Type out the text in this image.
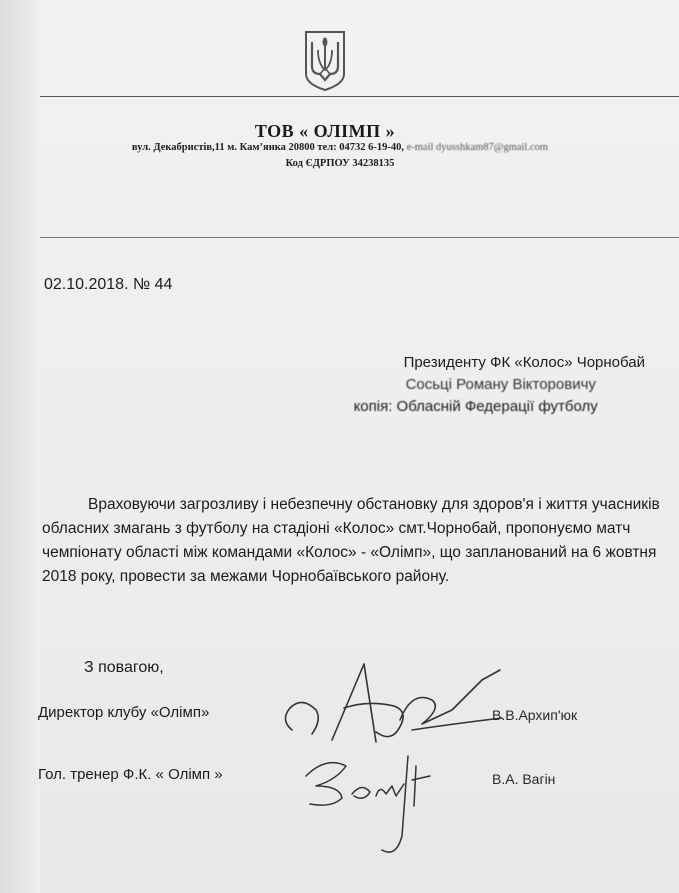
ТОВ « ОЛІМП »
вул. Декабристів,11 м. Кам’янка 20800 тел: 04732 6-19-40, e-mail dyusshkam87@gmail.com
Код ЄДРПОУ 34238135
02.10.2018. № 44
Президенту ФК «Колос» Чорнобай
Сосьці Роману Вікторовичу
копія: Обласній Федерації футболу

Враховуючи загрозливу і небезпечну обстановку для здоров'я і життя учасників обласних змагань з футболу на стадіоні «Колос» смт.Чорнобай, пропонуємо матч чемпіонату області між командами «Колос» - «Олімп», що запланований на 6 жовтня 2018 року, провести за межами Чорнобаївського району.

З повагою,
Директор клубу «Олімп»	В.В.Архип'юк
Гол. тренер Ф.К. « Олімп »	В.А. Вагін
